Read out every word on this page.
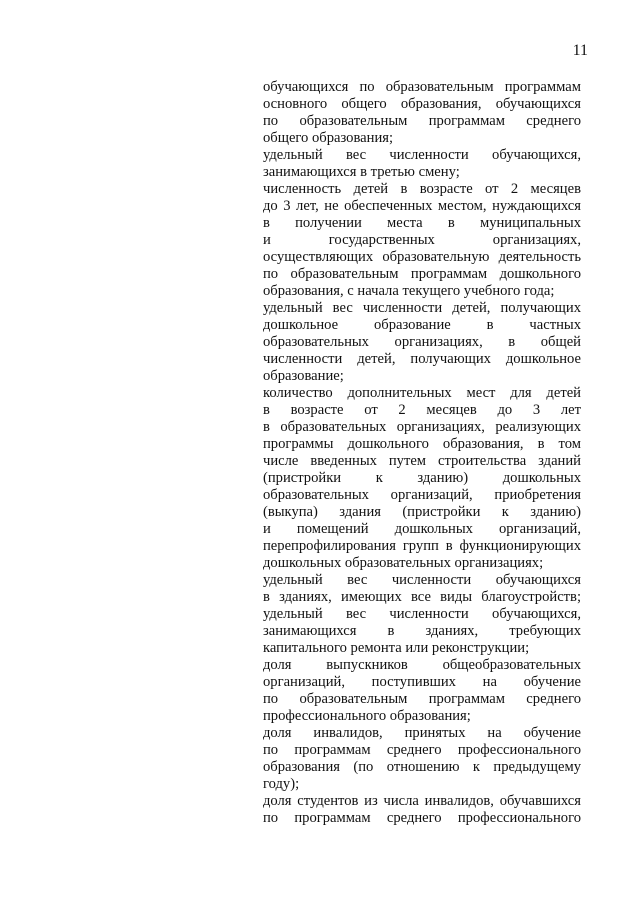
11
обучающихся по образовательным программам
основного общего образования, обучающихся
по образовательным программам среднего
общего образования;
удельный вес численности обучающихся,
занимающихся в третью смену;
численность детей в возрасте от 2 месяцев
до 3 лет, не обеспеченных местом, нуждающихся
в получении места в муниципальных
и государственных организациях,
осуществляющих образовательную деятельность
по образовательным программам дошкольного
образования, с начала текущего учебного года;
удельный вес численности детей, получающих
дошкольное образование в частных
образовательных организациях, в общей
численности детей, получающих дошкольное
образование;
количество дополнительных мест для детей
в возрасте от 2 месяцев до 3 лет
в образовательных организациях, реализующих
программы дошкольного образования, в том
числе введенных путем строительства зданий
(пристройки к зданию) дошкольных
образовательных организаций, приобретения
(выкупа) здания (пристройки к зданию)
и помещений дошкольных организаций,
перепрофилирования групп в функционирующих
дошкольных образовательных организациях;
удельный вес численности обучающихся
в зданиях, имеющих все виды благоустройств;
удельный вес численности обучающихся,
занимающихся в зданиях, требующих
капитального ремонта или реконструкции;
доля выпускников общеобразовательных
организаций, поступивших на обучение
по образовательным программам среднего
профессионального образования;
доля инвалидов, принятых на обучение
по программам среднего профессионального
образования (по отношению к предыдущему
году);
доля студентов из числа инвалидов, обучавшихся
по программам среднего профессионального
